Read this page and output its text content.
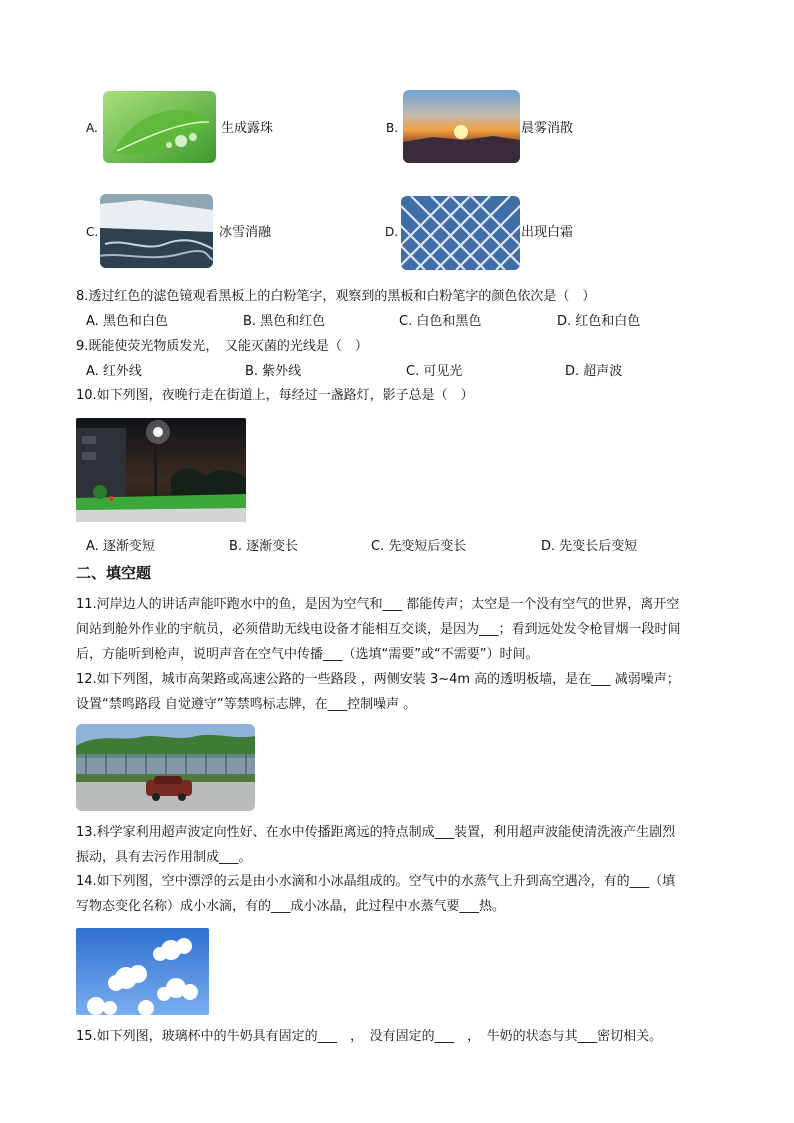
A.	生成露珠	B.	晨雾消散
C.	冰雪消融	D.	出现白霜
8.透过红色的滤色镜观看黑板上的白粉笔字，观察到的黑板和白粉笔字的颜色依次是（　）
A. 黑色和白色	B. 黑色和红色	C. 白色和黑色	D. 红色和白色
9.既能使荧光物质发光，　又能灭菌的光线是（　）
A. 红外线	B. 紫外线	C. 可见光	D. 超声波
10.如下列图，夜晚行走在街道上，每经过一盏路灯，影子总是（　）
A. 逐渐变短	B. 逐渐变长	C. 先变短后变长	D. 先变长后变短
二、填空题
11.河岸边人的讲话声能吓跑水中的鱼，是因为空气和___ 都能传声；太空是一个没有空气的世界，离开空
间站到舱外作业的宇航员，必须借助无线电设备才能相互交谈，是因为___；看到远处发令枪冒烟一段时间
后，方能听到枪声，说明声音在空气中传播___（选填“需要”或“不需要”）时间。
12.如下列图，城市高架路或高速公路的一些路段 ，两侧安装 3~4m 高的透明板墙，是在___ 减弱噪声；
设置“禁鸣路段 自觉遵守”等禁鸣标志牌，在___控制噪声 。
13.科学家利用超声波定向性好、在水中传播距离远的特点制成___装置，利用超声波能使清洗液产生剧烈
振动，具有去污作用制成___。
14.如下列图，空中漂浮的云是由小水滴和小冰晶组成的。空气中的水蒸气上升到高空遇冷，有的___（填
写物态变化名称）成小水滴，有的___成小冰晶，此过程中水蒸气要___热。
15.如下列图，玻璃杯中的牛奶具有固定的___　，　没有固定的___　，　牛奶的状态与其___密切相关。
